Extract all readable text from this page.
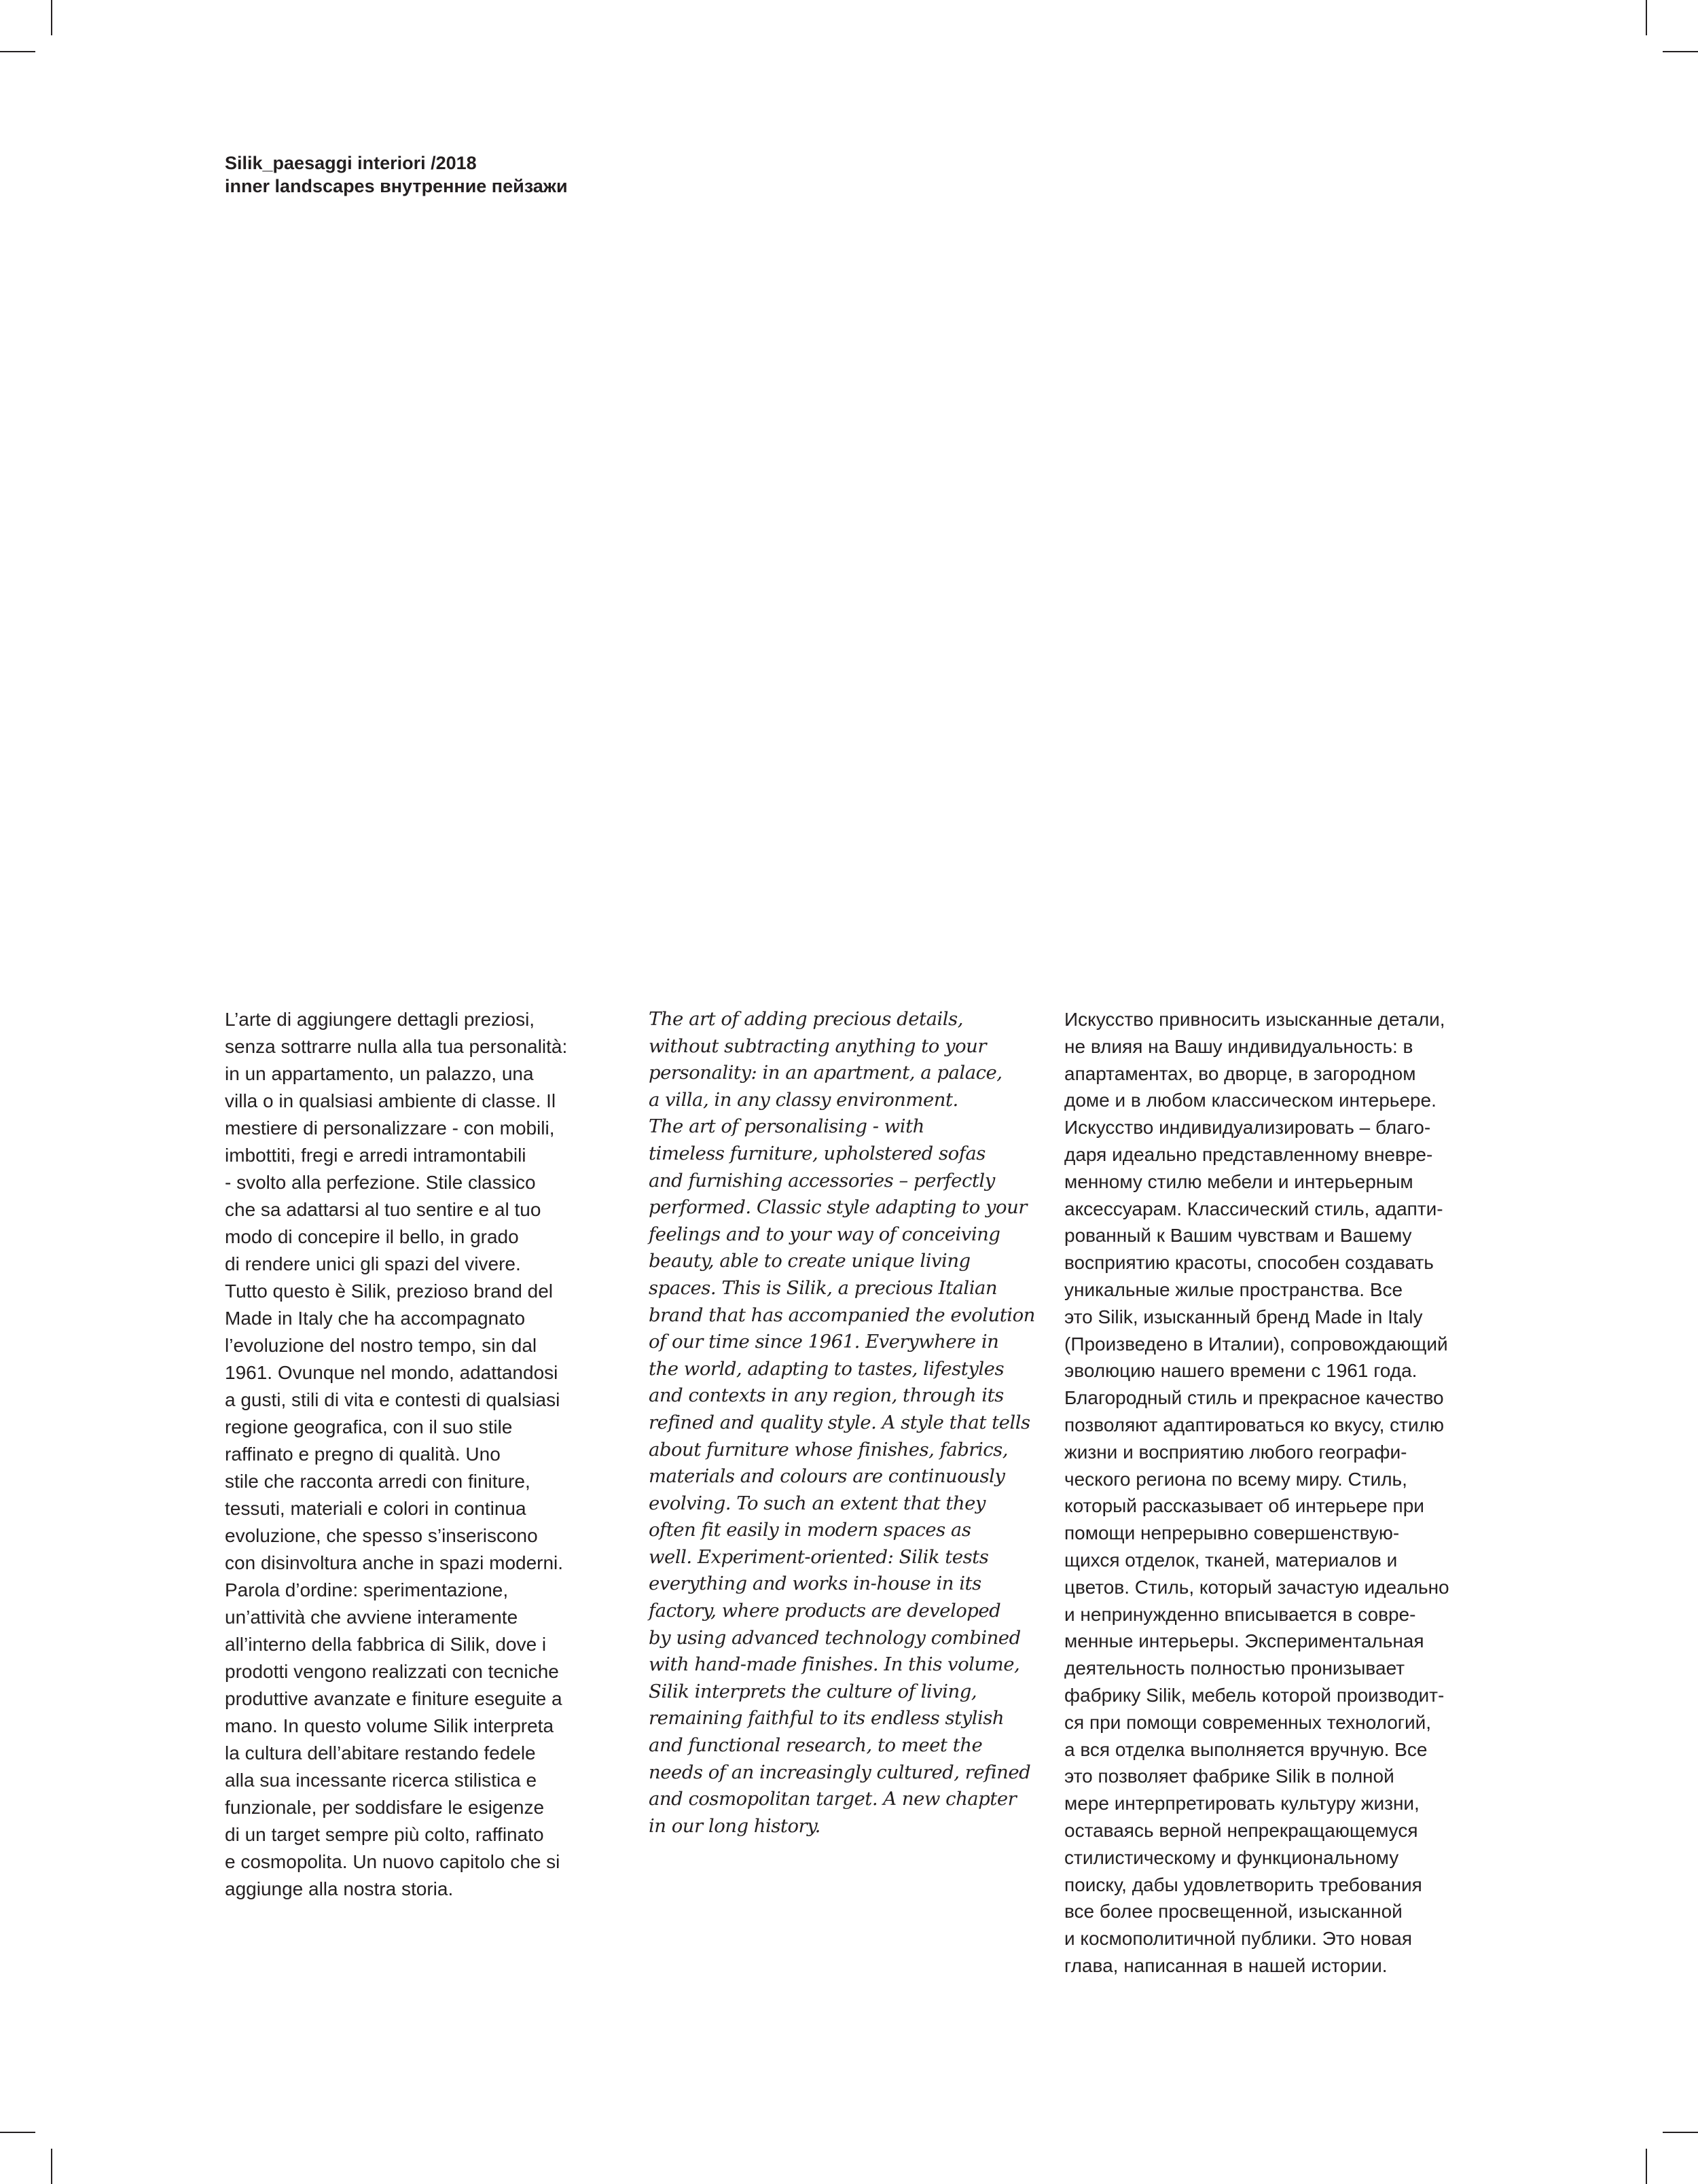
Silik_paesaggi interiori /2018
inner landscapes внутренние пейзажи
L’arte di aggiungere dettagli preziosi,
senza sottrarre nulla alla tua personalità:
in un appartamento, un palazzo, una
villa o in qualsiasi ambiente di classe. Il
mestiere di personalizzare - con mobili,
imbottiti, fregi e arredi intramontabili
- svolto alla perfezione. Stile classico
che sa adattarsi al tuo sentire e al tuo
modo di concepire il bello, in grado
di rendere unici gli spazi del vivere.
Tutto questo è Silik, prezioso brand del
Made in Italy che ha accompagnato
l’evoluzione del nostro tempo, sin dal
1961. Ovunque nel mondo, adattandosi
a gusti, stili di vita e contesti di qualsiasi
regione geografica, con il suo stile
raffinato e pregno di qualità. Uno
stile che racconta arredi con finiture,
tessuti, materiali e colori in continua
evoluzione, che spesso s’inseriscono
con disinvoltura anche in spazi moderni.
Parola d’ordine: sperimentazione,
un’attività che avviene interamente
all’interno della fabbrica di Silik, dove i
prodotti vengono realizzati con tecniche
produttive avanzate e finiture eseguite a
mano. In questo volume Silik interpreta
la cultura dell’abitare restando fedele
alla sua incessante ricerca stilistica e
funzionale, per soddisfare le esigenze
di un target sempre più colto, raffinato
e cosmopolita. Un nuovo capitolo che si
aggiunge alla nostra storia.
The art of adding precious details,
without subtracting anything to your
personality: in an apartment, a palace,
a villa, in any classy environment.
The art of personalising - with
timeless furniture, upholstered sofas
and furnishing accessories – perfectly
performed. Classic style adapting to your
feelings and to your way of conceiving
beauty, able to create unique living
spaces. This is Silik, a precious Italian
brand that has accompanied the evolution
of our time since 1961. Everywhere in
the world, adapting to tastes, lifestyles
and contexts in any region, through its
refined and quality style. A style that tells
about furniture whose finishes, fabrics,
materials and colours are continuously
evolving. To such an extent that they
often fit easily in modern spaces as
well. Experiment-oriented: Silik tests
everything and works in-house in its
factory, where products are developed
by using advanced technology combined
with hand-made finishes. In this volume,
Silik interprets the culture of living,
remaining faithful to its endless stylish
and functional research, to meet the
needs of an increasingly cultured, refined
and cosmopolitan target. A new chapter
in our long history.
Искусство привносить изысканные детали,
не влияя на Вашу индивидуальность: в
апартаментах, во дворце, в загородном
доме и в любом классическом интерьере.
Искусство индивидуализировать – благо-
даря идеально представленному вневре-
менному стилю мебели и интерьерным
аксессуарам. Классический стиль, адапти-
рованный к Вашим чувствам и Вашему
восприятию красоты, способен создавать
уникальные жилые пространства. Все
это Silik, изысканный бренд Made in Italy
(Произведено в Италии), сопровождающий
эволюцию нашего времени с 1961 года.
Благородный стиль и прекрасное качество
позволяют адаптироваться ко вкусу, стилю
жизни и восприятию любого географи-
ческого региона по всему миру. Стиль,
который рассказывает об интерьере при
помощи непрерывно совершенствую-
щихся отделок, тканей, материалов и
цветов. Стиль, который зачастую идеально
и непринужденно вписывается в совре-
менные интерьеры. Экспериментальная
деятельность полностью пронизывает
фабрику Silik, мебель которой производит-
ся при помощи современных технологий,
а вся отделка выполняется вручную. Все
это позволяет фабрике Silik в полной
мере интерпретировать культуру жизни,
оставаясь верной непрекращающемуся
стилистическому и функциональному
поиску, дабы удовлетворить требования
все более просвещенной, изысканной
и космополитичной публики. Это новая
глава, написанная в нашей истории.
